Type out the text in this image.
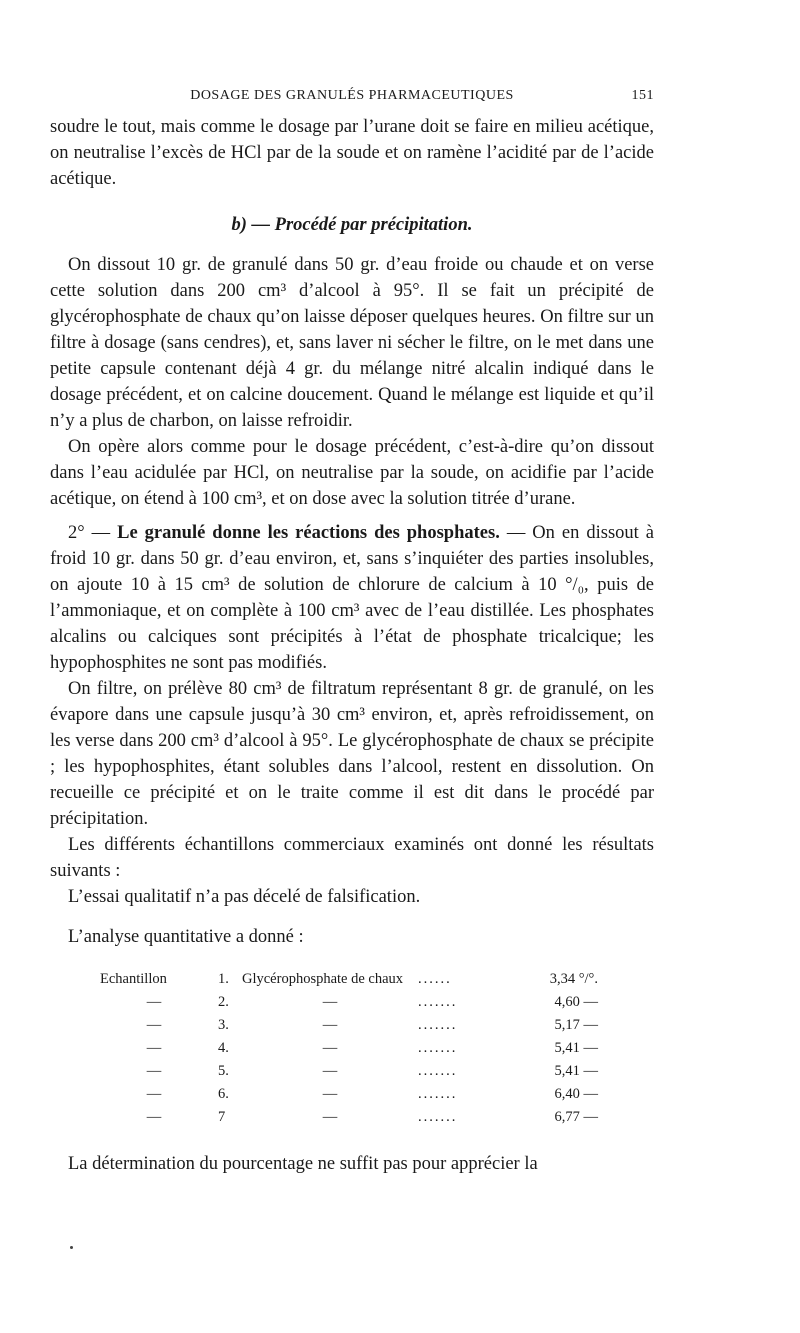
DOSAGE DES GRANULÉS PHARMACEUTIQUES	151

soudre le tout, mais comme le dosage par l’urane doit se faire en milieu acétique, on neutralise l’excès de HCl par de la soude et on ramène l’acidité par de l’acide acétique.

b) — Procédé par précipitation.

On dissout 10 gr. de granulé dans 50 gr. d’eau froide ou chaude et on verse cette solution dans 200 cm³ d’alcool à 95°. Il se fait un précipité de glycérophosphate de chaux qu’on laisse déposer quelques heures. On filtre sur un filtre à dosage (sans cendres), et, sans laver ni sécher le filtre, on le met dans une petite capsule contenant déjà 4 gr. du mélange nitré alcalin indiqué dans le dosage précédent, et on calcine doucement. Quand le mélange est liquide et qu’il n’y a plus de charbon, on laisse refroidir.

On opère alors comme pour le dosage précédent, c’est-à-dire qu’on dissout dans l’eau acidulée par HCl, on neutralise par la soude, on acidifie par l’acide acétique, on étend à 100 cm³, et on dose avec la solution titrée d’urane.

2° — Le granulé donne les réactions des phosphates. — On en dissout à froid 10 gr. dans 50 gr. d’eau environ, et, sans s’inquiéter des parties insolubles, on ajoute 10 à 15 cm³ de solution de chlorure de calcium à 10 °/₀, puis de l’ammoniaque, et on complète à 100 cm³ avec de l’eau distillée. Les phosphates alcalins ou calciques sont précipités à l’état de phosphate tricalcique; les hypophosphites ne sont pas modifiés.

On filtre, on prélève 80 cm³ de filtratum représentant 8 gr. de granulé, on les évapore dans une capsule jusqu’à 30 cm³ environ, et, après refroidissement, on les verse dans 200 cm³ d’alcool à 95°. Le glycérophosphate de chaux se précipite ; les hypophosphites, étant solubles dans l’alcool, restent en dissolution. On recueille ce précipité et on le traite comme il est dit dans le procédé par précipitation.

Les différents échantillons commerciaux examinés ont donné les résultats suivants :

L’essai qualitatif n’a pas décelé de falsification.

L’analyse quantitative a donné :

Echantillon	1.	Glycérophosphate de chaux	......	3,34 °/°.
—	2.	—	.......	4,60 —
—	3.	—	.......	5,17 —
—	4.	—	.......	5,41 —
—	5.	—	.......	5,41 —
—	6.	—	.......	6,40 —
—	7	—	.......	6,77 —

La détermination du pourcentage ne suffit pas pour apprécier la
